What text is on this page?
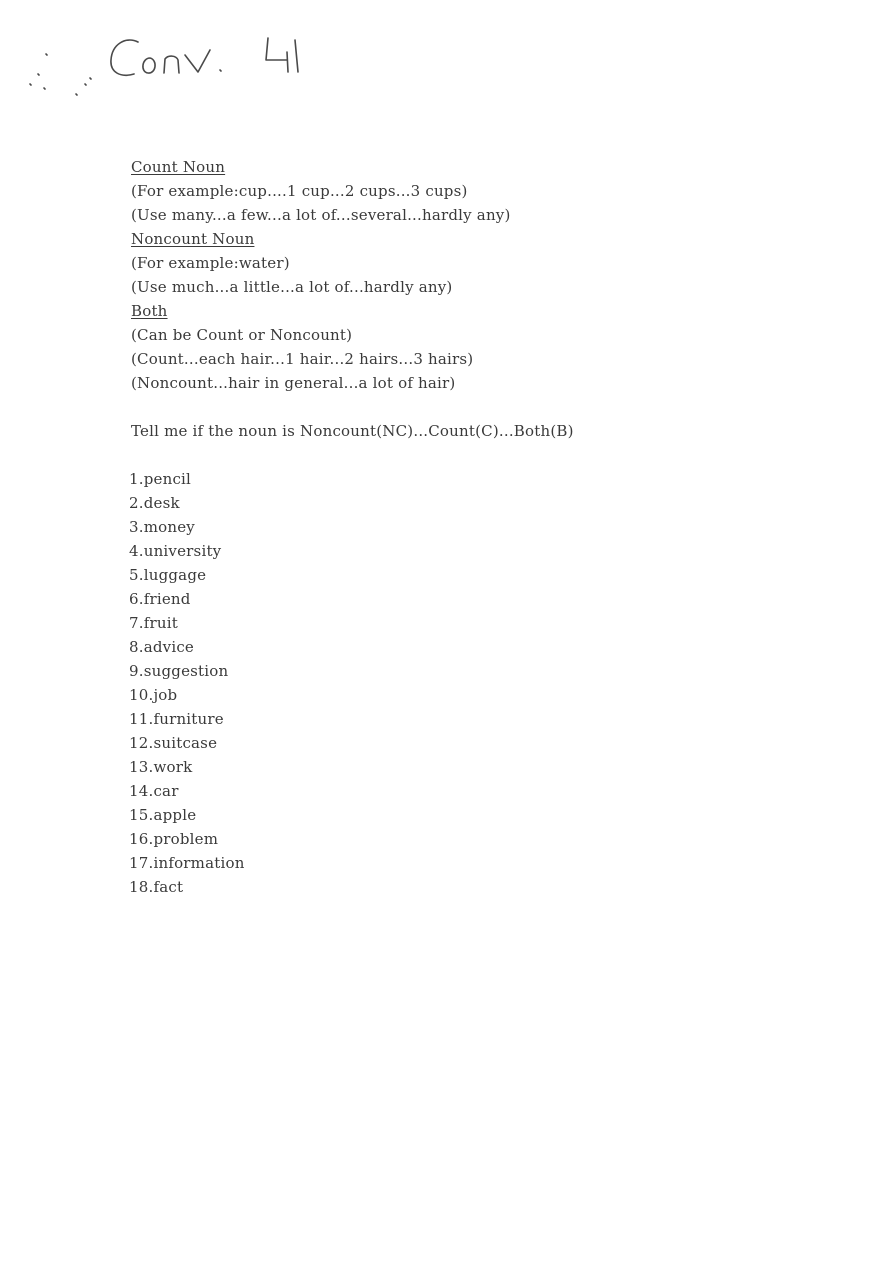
Count Noun
(For example:cup....1 cup...2 cups...3 cups)
(Use many...a few...a lot of...several...hardly any)
Noncount Noun
(For example:water)
(Use much...a little...a lot of...hardly any)
Both
(Can be Count or Noncount)
(Count...each hair...1 hair...2 hairs...3 hairs)
(Noncount...hair in general...a lot of hair)
Tell me if the noun is Noncount(NC)...Count(C)...Both(B)
1.pencil
2.desk
3.money
4.university
5.luggage
6.friend
7.fruit
8.advice
9.suggestion
10.job
11.furniture
12.suitcase
13.work
14.car
15.apple
16.problem
17.information
18.fact
